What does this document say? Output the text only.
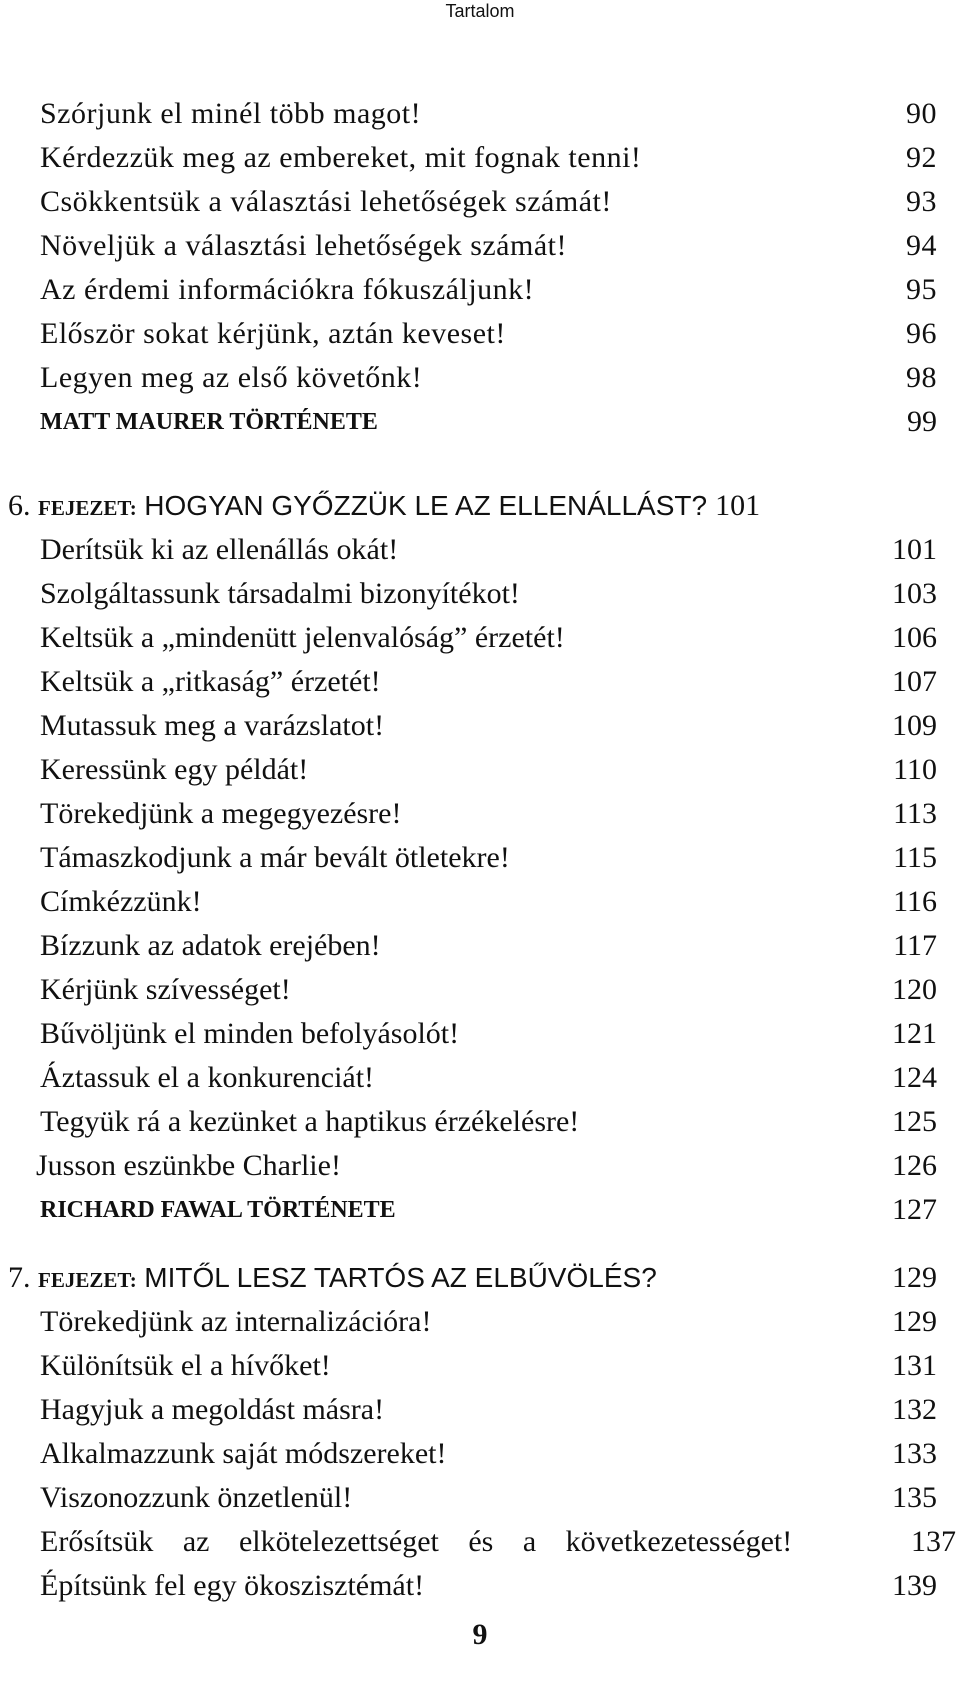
Tartalom
Szórjunk el minél több magot!	90
Kérdezzük meg az embereket, mit fognak tenni!	92
Csökkentsük a választási lehetőségek számát!	93
Növeljük a választási lehetőségek számát!	94
Az érdemi információkra fókuszáljunk!	95
Először sokat kérjünk, aztán keveset!	96
Legyen meg az első követőnk!	98
MATT MAURER TÖRTÉNETE	99
6. FEJEZET: HOGYAN GYŐZZÜK LE AZ ELLENÁLLÁST? 101
Derítsük ki az ellenállás okát!	101
Szolgáltassunk társadalmi bizonyítékot!	103
Keltsük a „mindenütt jelenvalóság” érzetét!	106
Keltsük a „ritkaság” érzetét!	107
Mutassuk meg a varázslatot!	109
Keressünk egy példát!	110
Törekedjünk a megegyezésre!	113
Támaszkodjunk a már bevált ötletekre!	115
Címkézzünk!	116
Bízzunk az adatok erejében!	117
Kérjünk szívességet!	120
Bűvöljünk el minden befolyásolót!	121
Áztassuk el a konkurenciát!	124
Tegyük rá a kezünket a haptikus érzékelésre!	125
Jusson eszünkbe Charlie!	126
RICHARD FAWAL TÖRTÉNETE	127
7. FEJEZET: MITŐL LESZ TARTÓS AZ ELBŰVÖLÉS?	129
Törekedjünk az internalizációra!	129
Különítsük el a hívőket!	131
Hagyjuk a megoldást másra!	132
Alkalmazzunk saját módszereket!	133
Viszonozzunk önzetlenül!	135
Erősítsük az elkötelezettséget és a következetességet!	137
Építsünk fel egy ökoszisztémát!	139
9
